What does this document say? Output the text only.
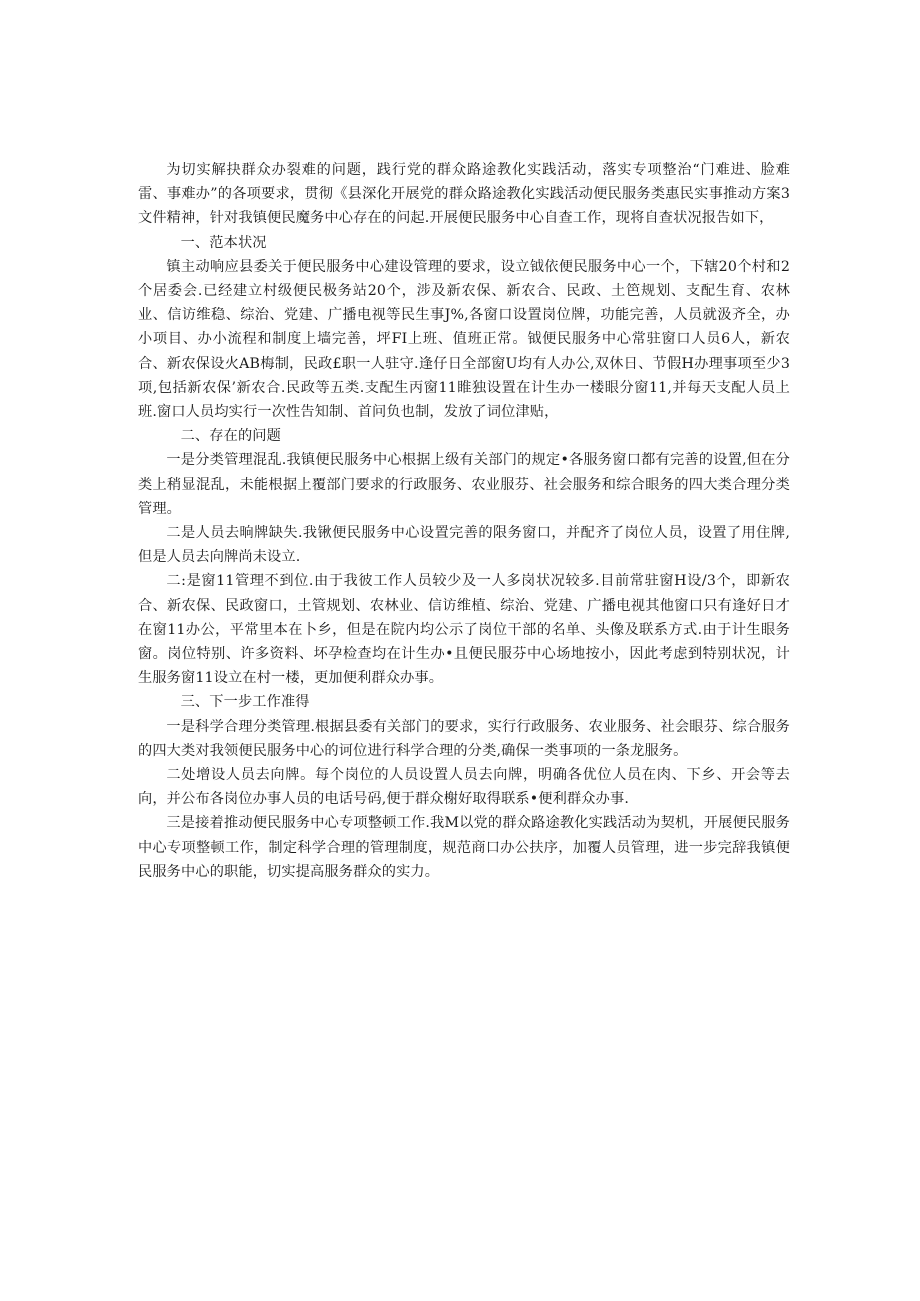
为切实解抉群众办裂难的问题，践行党的群众路途教化实践活动，落实专项整治“门难进、脸难雷、事难办”的各项要求，贯彻《县深化开展党的群众路途教化实践活动便民服务类惠民实事推动方案3文件精神，针对我镇便民魔务中心存在的问起.开展便民服务中心自查工作，现将自查状况报告如下，

一、范本状况

镇主动响应县委关于便民服务中心建设管理的要求，设立钺依便民服务中心一个，下辖20个村和2个居委会.已经建立村级便民极务站20个，涉及新农保、新农合、民政、土笆规划、支配生育、农林业、信访维稳、综治、党建、广播电视等民生事J%,各窗口设置岗位牌，功能完善，人员就汲齐全，办小项目、办小流程和制度上墙完善，坪FI上班、值班正常。钺便民服务中心常驻窗口人员6人，新农合、新农保设火AB梅制，民政£职一人驻守.逢仔日全部窗U均有人办公,双休日、节假H办理事项至少3项,包括新农保’新农合.民政等五类.支配生丙窗11睢独设置在计生办一楼眼分窗11,并每天支配人员上班.窗口人员均实行一次性告知制、首问负也制，发放了词位津贴，

二、存在的问题

一是分类管理混乱.我镇便民服务中心根据上级有关部门的规定•各服务窗口都有完善的设置,但在分类上稍显混乱，未能根据上覆部门要求的行政服务、农业服芬、社会服务和综合眼务的四大类合理分类管理。

二是人员去晌牌缺失.我锹便民服务中心设置完善的限务窗口，并配齐了岗位人员，设置了用住牌,但是人员去向牌尚未设立.

二:是窗11管理不到位.由于我彼工作人员较少及一人多岗状况较多.目前常驻窗H设/3个，即新农合、新农保、民政窗口，土管规划、农林业、信访维植、综治、党建、广播电视其他窗口只有逢好日才在窗11办公，平常里本在卜乡，但是在院内均公示了岗位干部的名单、头像及联系方式.由于计生眼务窗。岗位特别、许多资料、坏孕检查均在计生办•且便民服芬中心场地按小，因此考虑到特别状况，计生服务窗11设立在村一楼，更加便利群众办事。

三、下一步工作准得

一是科学合理分类管理.根据县委有关部门的要求，实行行政服务、农业服务、社会眼芬、综合服务的四大类对我领便民服务中心的诃位进行科学合理的分类,确保一类事项的一条龙服务。

二处增设人员去向牌。每个岗位的人员设置人员去向牌，明确各优位人员在肉、下乡、开会等去向，并公布各岗位办事人员的电话号码,便于群众榭好取得联系•便利群众办事.

三是接着推动便民服务中心专项整顿工作.我M以党的群众路途教化实践活动为契机，开展便民服务中心专项整顿工作，制定科学合理的管理制度，规范商口办公扶序，加覆人员管理，进一步完辞我镇便民服务中心的职能，切实提高服务群众的实力。
